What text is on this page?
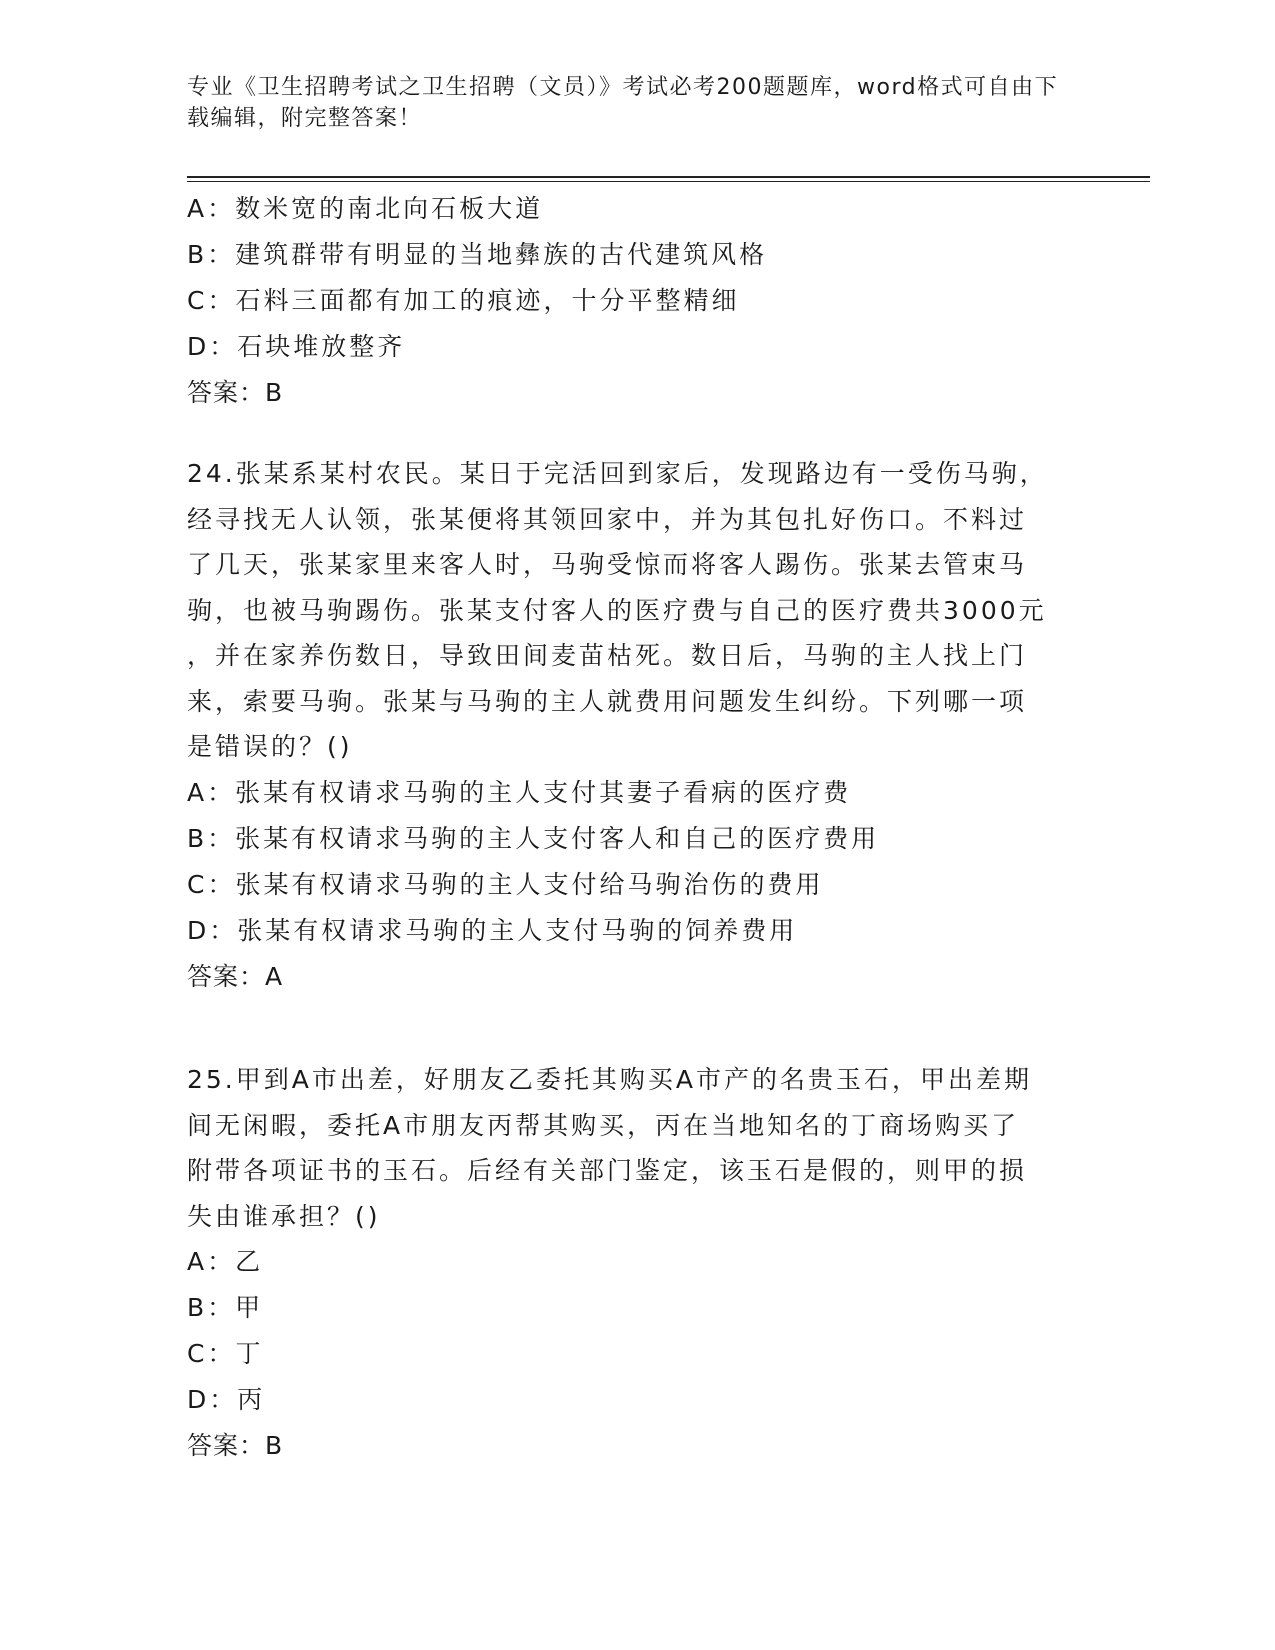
专业《卫生招聘考试之卫生招聘（文员）》考试必考200题题库，word格式可自由下载编辑，附完整答案！
A：数米宽的南北向石板大道
B：建筑群带有明显的当地彝族的古代建筑风格
C：石料三面都有加工的痕迹，十分平整精细
D：石块堆放整齐
答案：B
24.张某系某村农民。某日于完活回到家后，发现路边有一受伤马驹，
经寻找无人认领，张某便将其领回家中，并为其包扎好伤口。不料过
了几天，张某家里来客人时，马驹受惊而将客人踢伤。张某去管束马
驹，也被马驹踢伤。张某支付客人的医疗费与自己的医疗费共3000元
，并在家养伤数日，导致田间麦苗枯死。数日后，马驹的主人找上门
来，索要马驹。张某与马驹的主人就费用问题发生纠纷。下列哪一项
是错误的？()
A：张某有权请求马驹的主人支付其妻子看病的医疗费
B：张某有权请求马驹的主人支付客人和自己的医疗费用
C：张某有权请求马驹的主人支付给马驹治伤的费用
D：张某有权请求马驹的主人支付马驹的饲养费用
答案：A
25.甲到A市出差，好朋友乙委托其购买A市产的名贵玉石，甲出差期
间无闲暇，委托A市朋友丙帮其购买，丙在当地知名的丁商场购买了
附带各项证书的玉石。后经有关部门鉴定，该玉石是假的，则甲的损
失由谁承担？()
A：乙
B：甲
C：丁
D：丙
答案：B
